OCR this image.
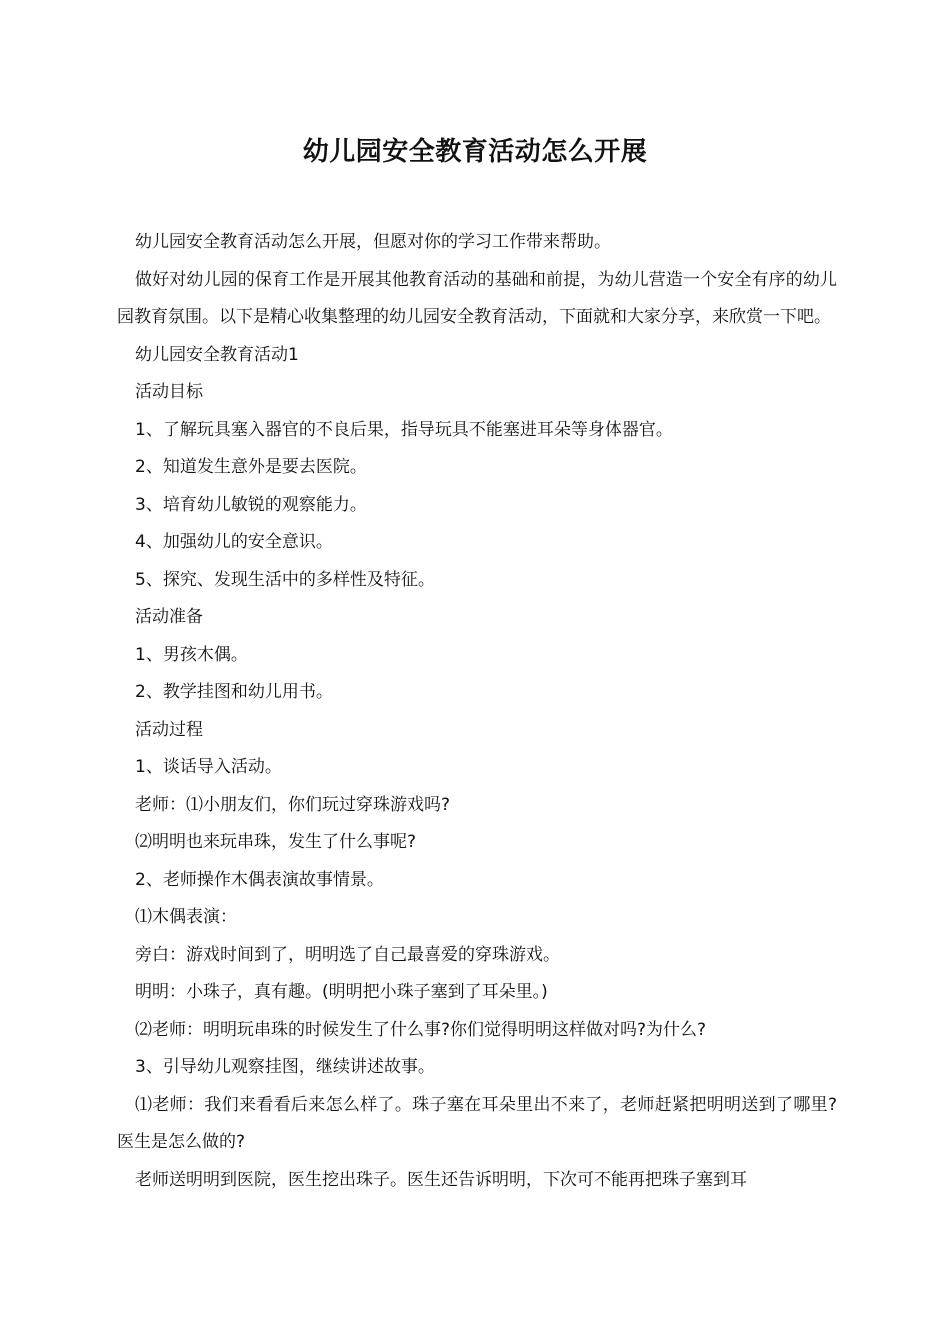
幼儿园安全教育活动怎么开展

幼儿园安全教育活动怎么开展，但愿对你的学习工作带来帮助。

做好对幼儿园的保育工作是开展其他教育活动的基础和前提，为幼儿营造一个安全有序的幼儿园教育氛围。以下是精心收集整理的幼儿园安全教育活动，下面就和大家分享，来欣赏一下吧。

幼儿园安全教育活动1

活动目标

1、了解玩具塞入器官的不良后果，指导玩具不能塞进耳朵等身体器官。

2、知道发生意外是要去医院。

3、培育幼儿敏锐的观察能力。

4、加强幼儿的安全意识。

5、探究、发现生活中的多样性及特征。

活动准备

1、男孩木偶。

2、教学挂图和幼儿用书。

活动过程

1、谈话导入活动。

老师：⑴小朋友们，你们玩过穿珠游戏吗?

⑵明明也来玩串珠，发生了什么事呢?

2、老师操作木偶表演故事情景。

⑴木偶表演：

旁白：游戏时间到了，明明选了自己最喜爱的穿珠游戏。

明明：小珠子，真有趣。(明明把小珠子塞到了耳朵里。)

⑵老师：明明玩串珠的时候发生了什么事?你们觉得明明这样做对吗?为什么?

3、引导幼儿观察挂图，继续讲述故事。

⑴老师：我们来看看后来怎么样了。珠子塞在耳朵里出不来了，老师赶紧把明明送到了哪里?医生是怎么做的?

老师送明明到医院，医生挖出珠子。医生还告诉明明，下次可不能再把珠子塞到耳
